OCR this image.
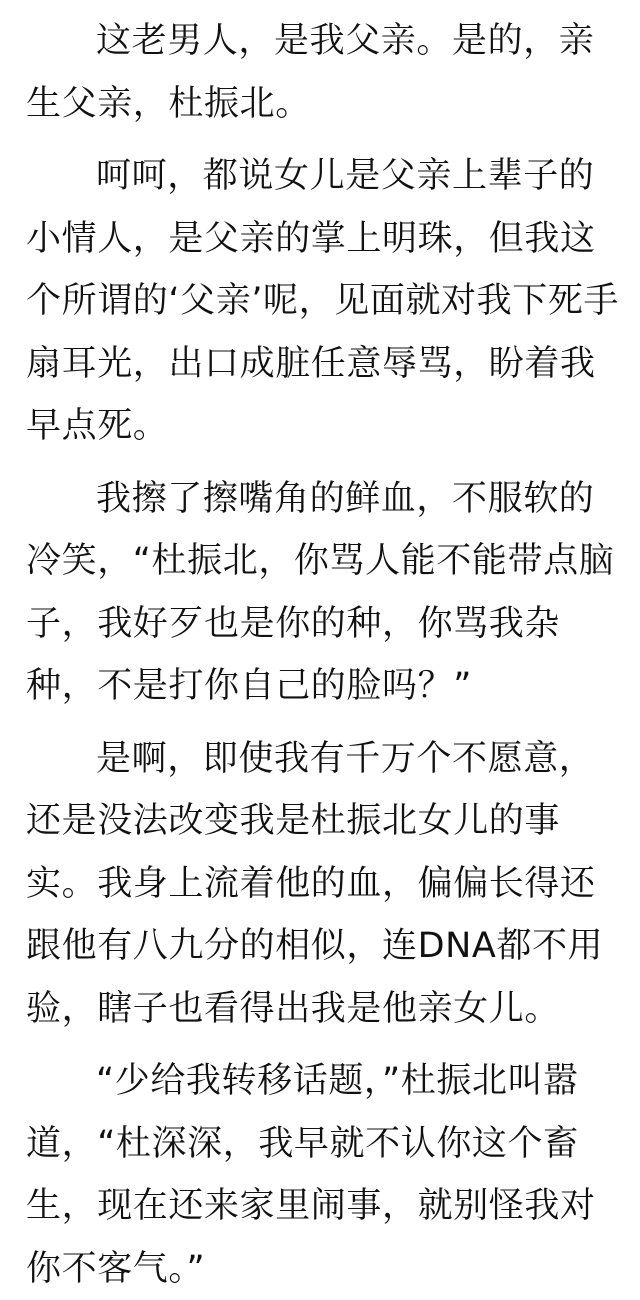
这老男人，是我父亲。是的，亲生父亲，杜振北。

呵呵，都说女儿是父亲上辈子的小情人，是父亲的掌上明珠，但我这个所谓的‘父亲’呢，见面就对我下死手扇耳光，出口成脏任意辱骂，盼着我早点死。

我擦了擦嘴角的鲜血，不服软的冷笑，“杜振北，你骂人能不能带点脑子，我好歹也是你的种，你骂我杂种，不是打你自己的脸吗？”

是啊，即使我有千万个不愿意，还是没法改变我是杜振北女儿的事实。我身上流着他的血，偏偏长得还跟他有八九分的相似，连DNA都不用验，瞎子也看得出我是他亲女儿。

“少给我转移话题，”杜振北叫嚣道，“杜深深，我早就不认你这个畜生，现在还来家里闹事，就别怪我对你不客气。”
